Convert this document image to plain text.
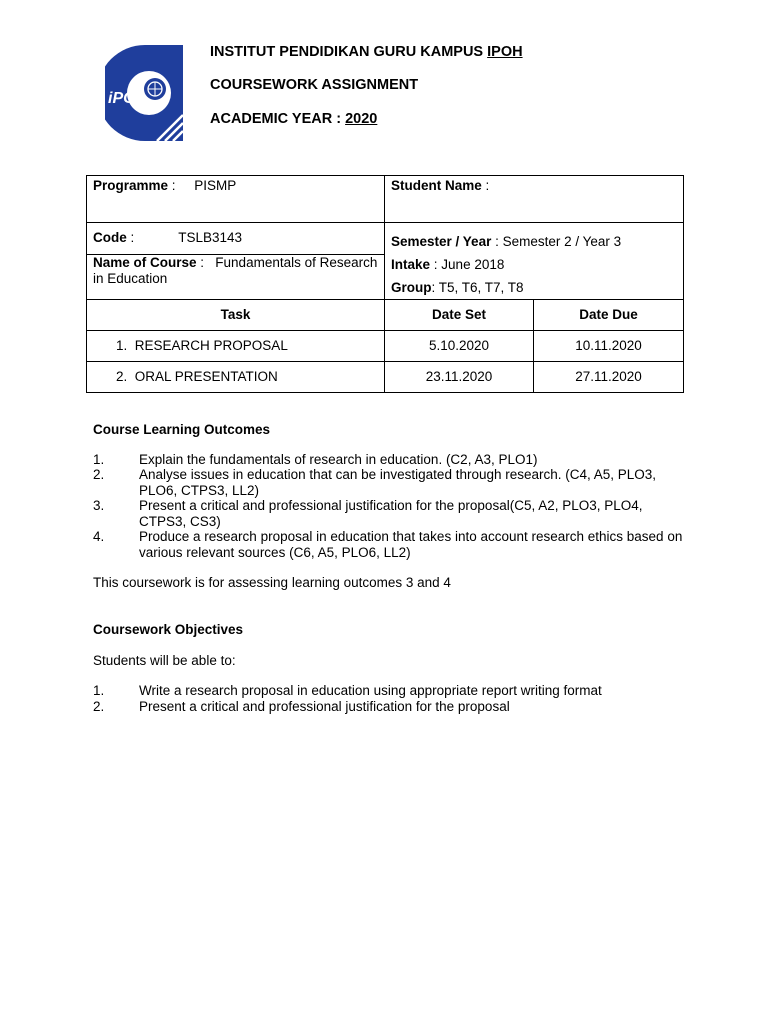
iPG
INSTITUT PENDIDIKAN GURU KAMPUS IPOH
COURSEWORK ASSIGNMENT
ACADEMIC YEAR : 2020
Programme :     PISMP	Student Name :	
Code : TSLB3143	Semester / Year : Semester 2 / Year 3
Intake : June 2018
Group: T5, T6, T7, T8	

Name of Course :   Fundamentals of Research in Education		
Task	Date Set	Date Due
1. RESEARCH PROPOSAL	5.10.2020	10.11.2020
2. ORAL PRESENTATION	23.11.2020	27.11.2020
Course Learning Outcomes
1.	Explain the fundamentals of research in education. (C2, A3, PLO1)
2.	Analyse issues in education that can be investigated through research. (C4, A5, PLO3, PLO6, CTPS3, LL2)
3.	Present a critical and professional justification for the proposal(C5, A2, PLO3, PLO4, CTPS3, CS3)
4.	Produce a research proposal in education that takes into account research ethics based on various relevant sources (C6, A5, PLO6, LL2)
This coursework is for assessing learning outcomes 3 and 4
Coursework Objectives
Students will be able to:
1.	Write a research proposal in education using appropriate report writing format
2.	Present a critical and professional justification for the proposal
